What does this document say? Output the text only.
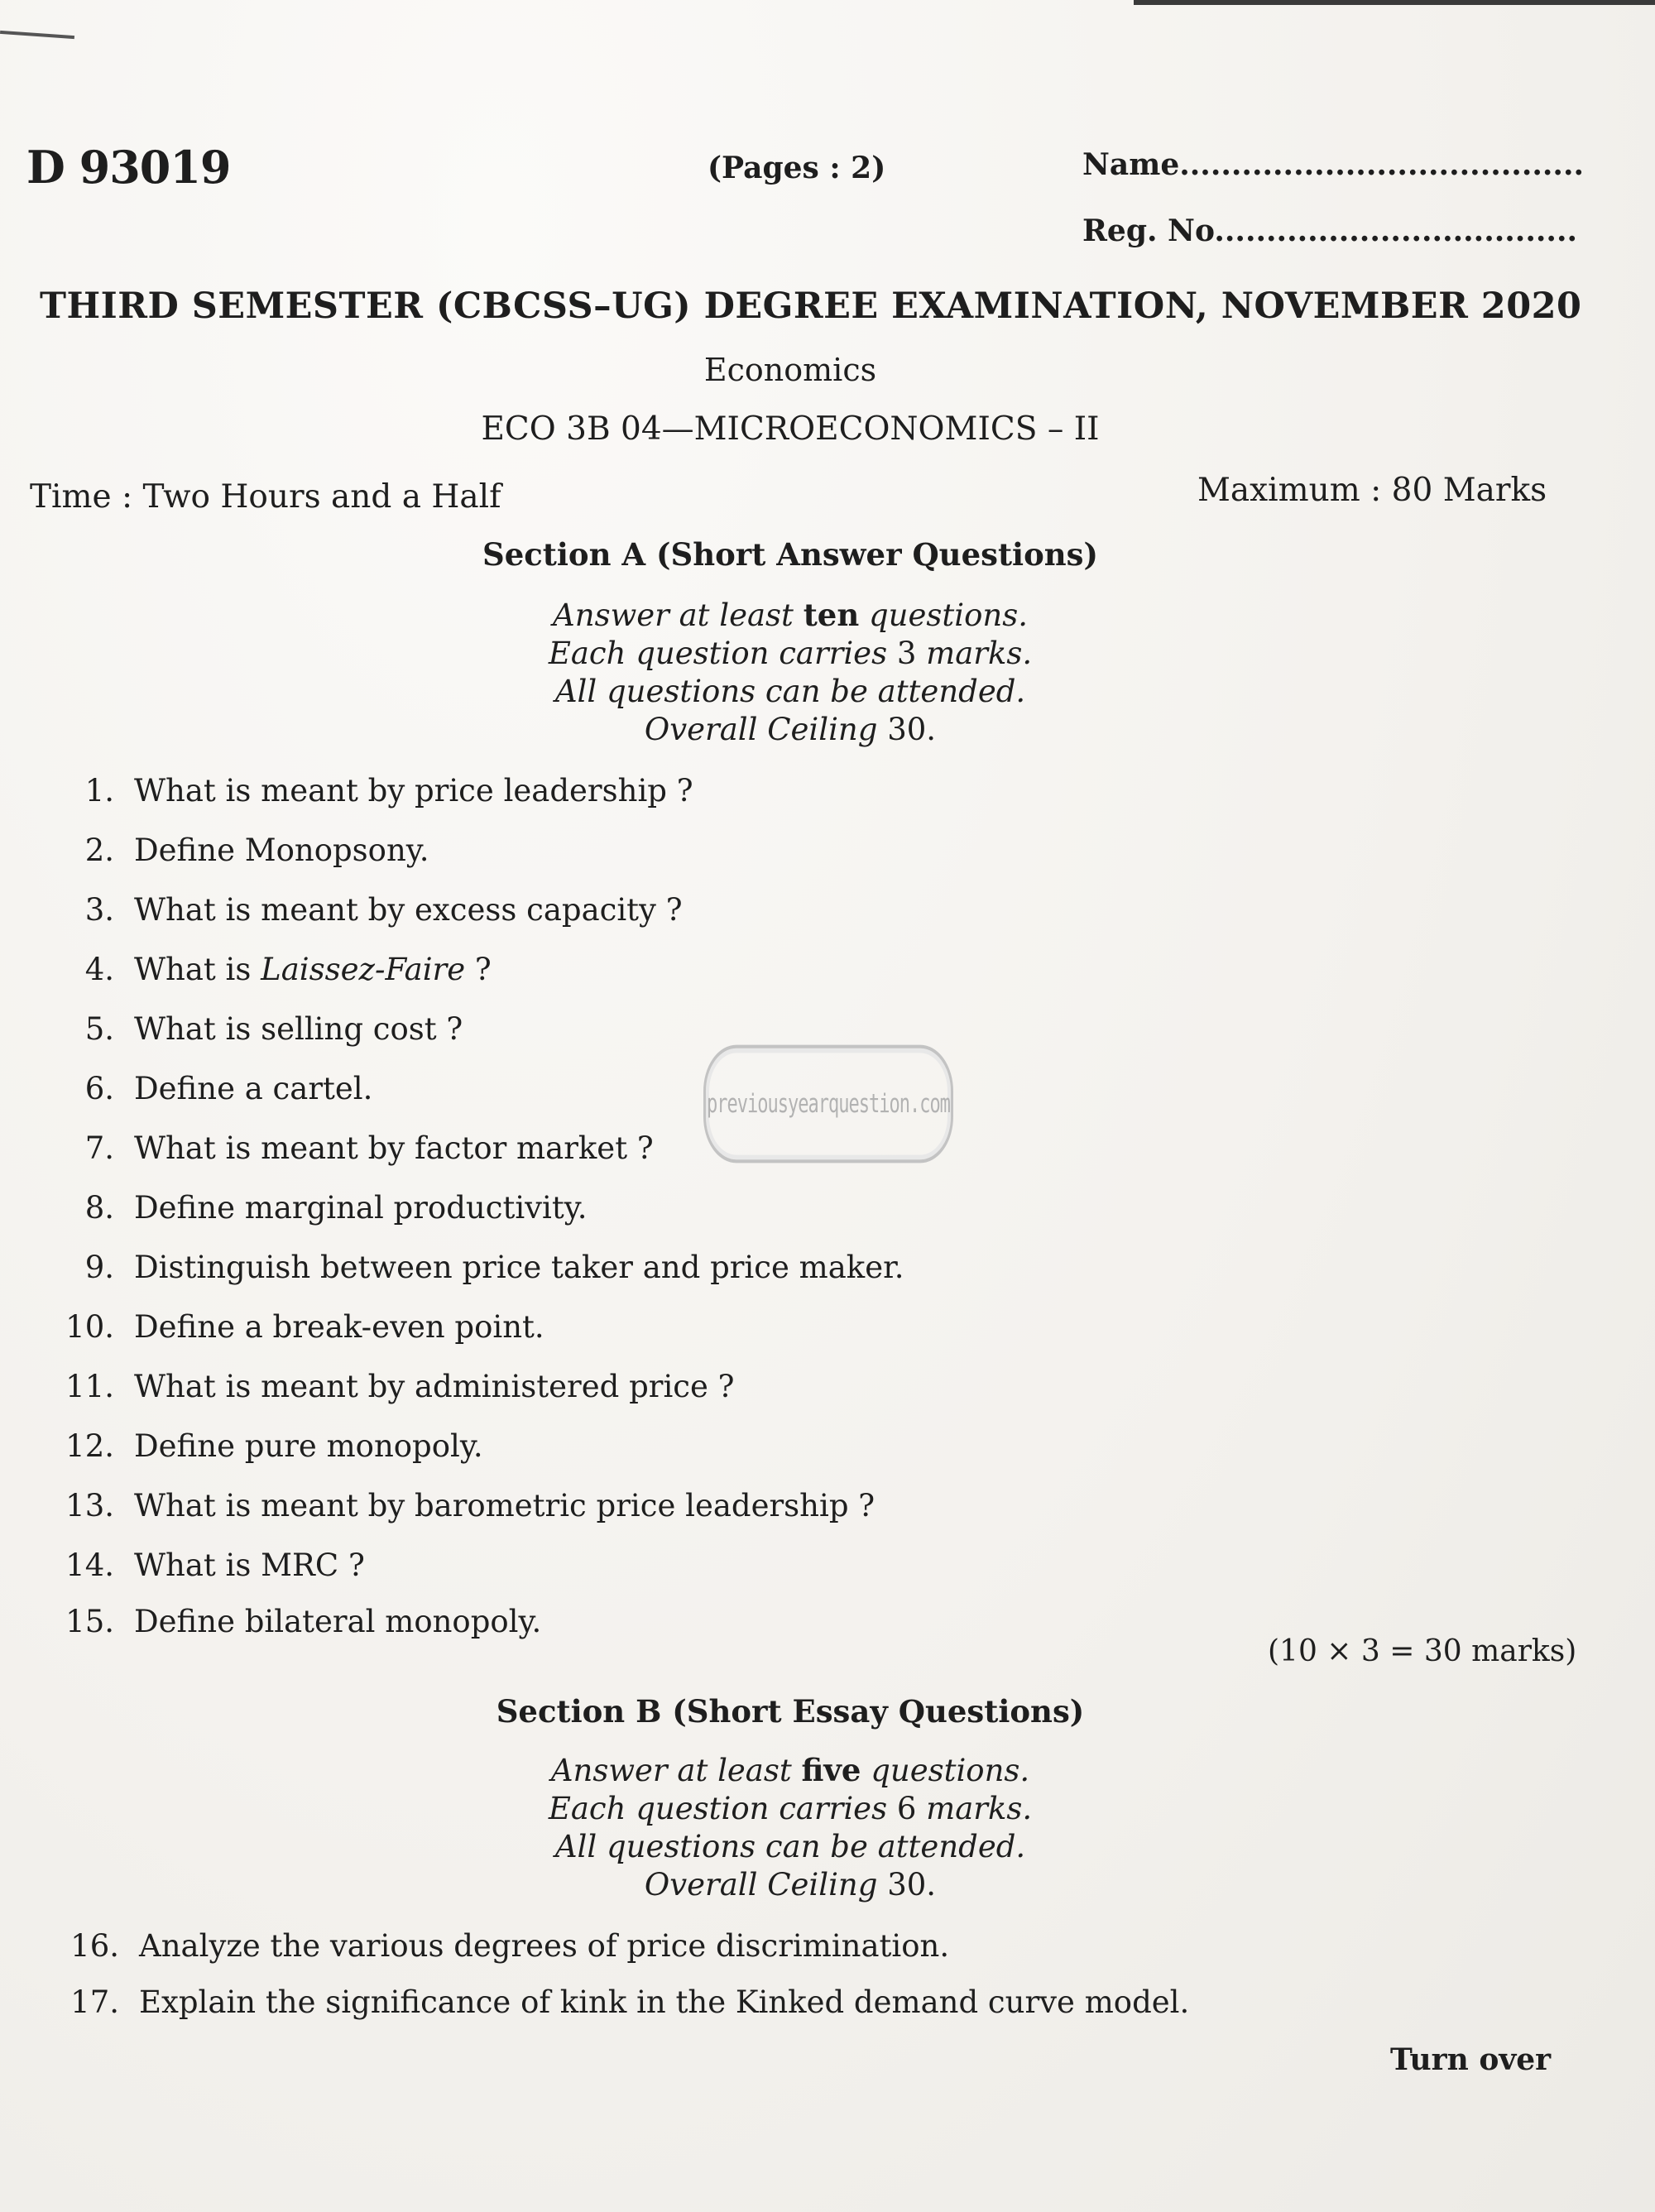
D 93019	(Pages : 2)	Name.......................................
Reg. No...................................
THIRD SEMESTER (CBCSS–UG) DEGREE EXAMINATION, NOVEMBER 2020
Economics
ECO 3B 04—MICROECONOMICS – II
Time : Two Hours and a Half	Maximum : 80 Marks
Section A (Short Answer Questions)
Answer at least ten questions.
Each question carries 3 marks.
All questions can be attended.
Overall Ceiling 30.
1. What is meant by price leadership ?
2. Define Monopsony.
3. What is meant by excess capacity ?
4. What is Laissez-Faire ?
5. What is selling cost ?
6. Define a cartel.
7. What is meant by factor market ?
8. Define marginal productivity.
9. Distinguish between price taker and price maker.
10. Define a break-even point.
11. What is meant by administered price ?
12. Define pure monopoly.
13. What is meant by barometric price leadership ?
14. What is MRC ?
15. Define bilateral monopoly.
(10 × 3 = 30 marks)
Section B (Short Essay Questions)
Answer at least five questions.
Each question carries 6 marks.
All questions can be attended.
Overall Ceiling 30.
16. Analyze the various degrees of price discrimination.
17. Explain the significance of kink in the Kinked demand curve model.
Turn over
previousyearquestion.com
